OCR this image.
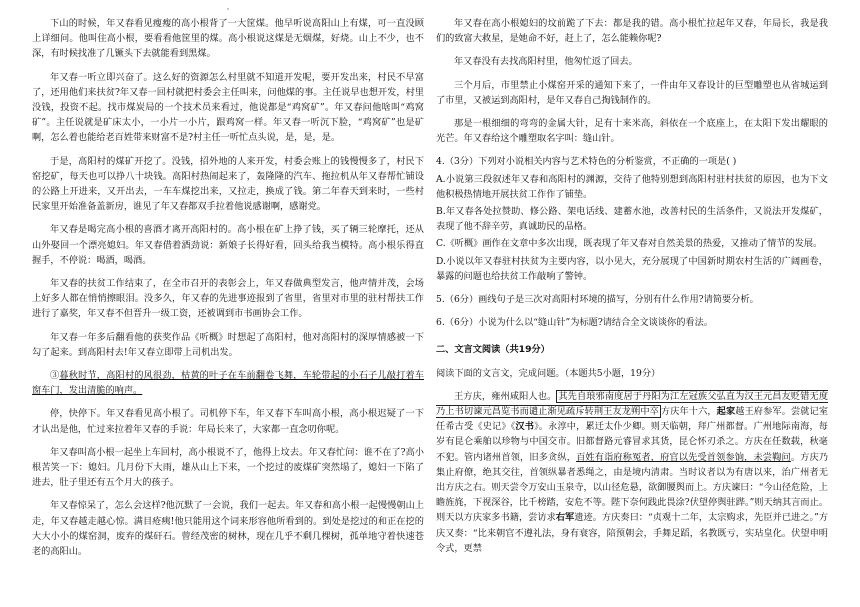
·

下山的时候，年又春看见瘦瘦的高小根背了一大筐煤。他早听说高阳山上有煤，可一直没顾上详细问。他叫住高小根，要看看他筐里的煤。高小根说这煤是无烟煤，好烧。山上不少，也不深，有时候找准了几镢头下去就能看到黑煤。

年又春一听立即兴奋了。这么好的资源怎么村里就不知道开发呢，要开发出来，村民不早富了，还用他们来扶贫?年又春一回村就把村委会主任叫来，问他煤的事。主任说早也想开发，村里没钱，投资不起。找市煤炭局的一个技术员来看过，他说都是“鸡窝矿”。年又春问他啥叫“鸡窝矿”。主任说就是矿床太小，一小片一小片，跟鸡窝一样。年又春一听沉下脸，“鸡窝矿”也是矿啊，怎么着也能给老百姓带来财富不是?村主任一听忙点头说，是，是，是。

于是，高阳村的煤矿开挖了。没钱，招外地的人来开发，村委会账上的钱慢慢多了，村民下窑挖矿，每天也可以挣八十块钱。高阳村热闹起来了，轰隆隆的汽车、拖拉机从年又春帮忙铺设的公路上开进来，又开出去，一车车煤挖出来，又拉走，换成了钱。第二年春天到来时，一些村民家里开始准备盖新房，谁见了年又春都双手拉着他说感谢啊，感谢党。

年又春是喝完高小根的喜酒才离开高阳村的。高小根在矿上挣了钱，买了辆三轮摩托，还从山外娶回一个漂亮媳妇。年又春借着酒劲说：新娘子长得好看，回头给我当模特。高小根乐得直握手，不停说：喝酒，喝酒。

年又春的扶贫工作结束了，在全市召开的表彰会上，年又春做典型发言，他声情并茂，会场上好多人都在悄悄擦眼泪。没多久，年又春的先进事迹报到了省里，省里对市里的驻村帮扶工作进行了嘉奖，年又春不但晋升一级工资，还被调到市书画协会工作。

年又春一年多后翻看他的获奖作品《听概》时想起了高阳村，他对高阳村的深厚情感被一下勾了起来。到高阳村去!年又春立即带上司机出发。

③暮秋时节，高阳村的风很劲，枯黄的叶子在车前翻卷飞舞，车轮带起的小石子儿敲打着车窗车门，发出清脆的响声。

停，快停下。年又春看见高小根了。司机停下车，年又春下车叫高小根，高小根迟疑了一下才认出是他，忙过来拉着年又春的手说：年局长来了，大家都一直念叨你呢。

年又春叫高小根一起坐上车回村，高小根说不了，他得上坟去。年又春忙问：谁不在了?高小根苦笑一下：媳妇。几月份下大雨，雄从山上下来，一个挖过的废煤矿突然塌了，媳妇一下陷了进去，肚子里还有五个月大的孩子。

年又春惊呆了，怎么会这样?他沉默了一会说，我们一起去。年又春和高小根一起慢慢朝山上走，年又春越走越心惊。满目疮痍!他只能用这个词来形容他所看到的。到处是挖过的和正在挖的大大小小的煤窑洞，废弃的煤矸石。曾经茂密的树林，现在几乎不剩几棵树，孤单地守着快速苍老的高阳山。

年又春在高小根媳妇的坟前跪了下去：都是我的错。高小根忙拉起年又春，年局长，我是我们的致富大救星，是她命不好，赶上了，怎么能赖你呢?

年又春没有去找高阳村里，他匆忙返了回去。

三个月后，市里禁止小煤窑开采的通知下来了，一件由年又春设计的巨型雕塑也从省城运到了市里，又被运到高阳村，是年又春自己掏钱制作的。

那是一根细细的弯弯的金属大针，足有十来米高，斜依在一个底座上，在太阳下发出耀眼的光芒。年又春给这个雕塑取名字叫：缝山针。

4.（3分）下列对小说相关内容与艺术特色的分析鉴赏，不正确的一项是( )

A.小说第三段叙述年又春和高阳村的渊源，交待了他特别想到高阳村驻村扶贫的原因，也为下文他积极热情地开展扶贫工作作了铺垫。

B.年又春各处拉赞助、修公路、架电话线、建蓄水池，改善村民的生活条件，又说法开发煤矿，表现了他不辞辛劳，真诚助民的品格。

C.《听概》画作在文章中多次出现，既表现了年又春对自然美景的热爱，又推动了情节的发展。

D.小说以年又春驻村扶贫为主要内容，以小见大，充分展现了中国新时期农村生活的广阔画卷，暴露的问题也给扶贫工作敲响了警钟。

5.（6分）画线句子是三次对高阳村环境的描写，分别有什么作用?请简要分析。

6.（6分）小说为什么以“缝山针”为标题?请结合全文谈谈你的看法。

二、文言文阅读（共19分）

阅读下面的文言文，完成问题。（本题共5小题，19分）

王方庆，雍州咸阳人也。 其先自琅邪南度居于丹阳为江左冠族父弘直为汉王元昌友贬错无度乃上书切谏元昌览书而谴止渐见疏斥转荆王友龙朔中卒 方庆年十六，起家越王府参军。尝就记室任希古受《史记》《汉书》。永淳中，累迁太仆少卿。则天临朝，拜广州都督。广州地际南海，每岁有昆仑乘舶以珍物与中国交市。旧都督路元睿冒求其货，昆仑怀刃杀之。方庆在任数载，秋毫不犯。管内诸州首领，旧多贪纵，百姓有诣府称冤者，府官以先受首领参饷，未尝鞫问。方庆乃集止府僚，绝其交往，首领纵暴者悉绳之，由是境内清肃。当时议者以为有唐以来，治广州者无出方庆之右。则天尝令万安山玉泉寺，以山径危悬，欲御腰舆而上。方庆谏曰：“今山径危险，上瞻旌旄，下视深谷，比千榜踏，安危不等。陛下奈何践此畏涂?伏望停舆驻跸。”则天纳其言而止。则天以方庆家多书籍，尝访求右军遗迹。方庆奏曰：“贞观十二年，太宗购求，先臣并已进之。”方庆又奏：“比来朝官不遵礼法，身有衰容，陪预朝会，手舞足蹈，名教既亏，实玷皇化。伏望申明令式，更禁
